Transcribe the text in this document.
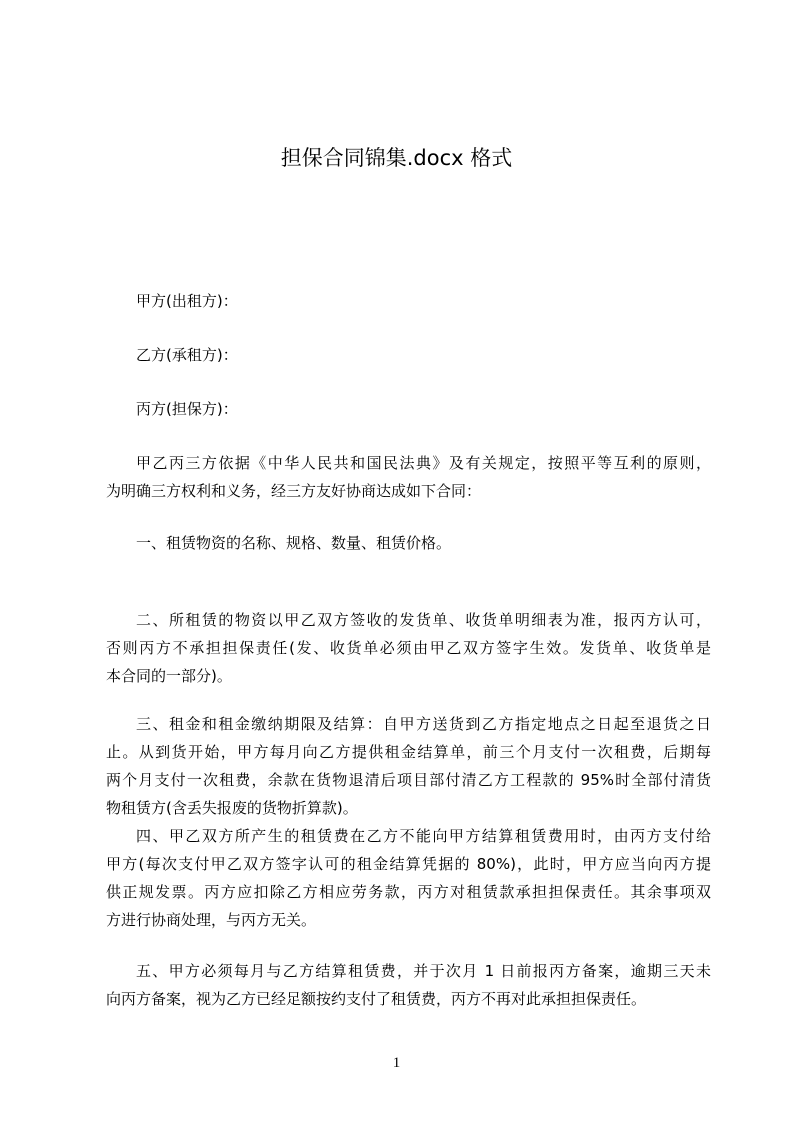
担保合同锦集.docx 格式
甲方(出租方)：
乙方(承租方)：
丙方(担保方)：
甲乙丙三方依据《中华人民共和国民法典》及有关规定，按照平等互利的原则，
为明确三方权利和义务，经三方友好协商达成如下合同：
一、租赁物资的名称、规格、数量、租赁价格。
二、所租赁的物资以甲乙双方签收的发货单、收货单明细表为准，报丙方认可，
否则丙方不承担担保责任(发、收货单必须由甲乙双方签字生效。发货单、收货单是
本合同的一部分)。
三、租金和租金缴纳期限及结算：自甲方送货到乙方指定地点之日起至退货之日
止。从到货开始，甲方每月向乙方提供租金结算单，前三个月支付一次租费，后期每
两个月支付一次租费，余款在货物退清后项目部付清乙方工程款的 95%时全部付清货
物租赁方(含丢失报废的货物折算款)。
四、甲乙双方所产生的租赁费在乙方不能向甲方结算租赁费用时，由丙方支付给
甲方(每次支付甲乙双方签字认可的租金结算凭据的 80%)，此时，甲方应当向丙方提
供正规发票。丙方应扣除乙方相应劳务款，丙方对租赁款承担担保责任。其余事项双
方进行协商处理，与丙方无关。
五、甲方必须每月与乙方结算租赁费，并于次月 1 日前报丙方备案，逾期三天未
向丙方备案，视为乙方已经足额按约支付了租赁费，丙方不再对此承担担保责任。
1
